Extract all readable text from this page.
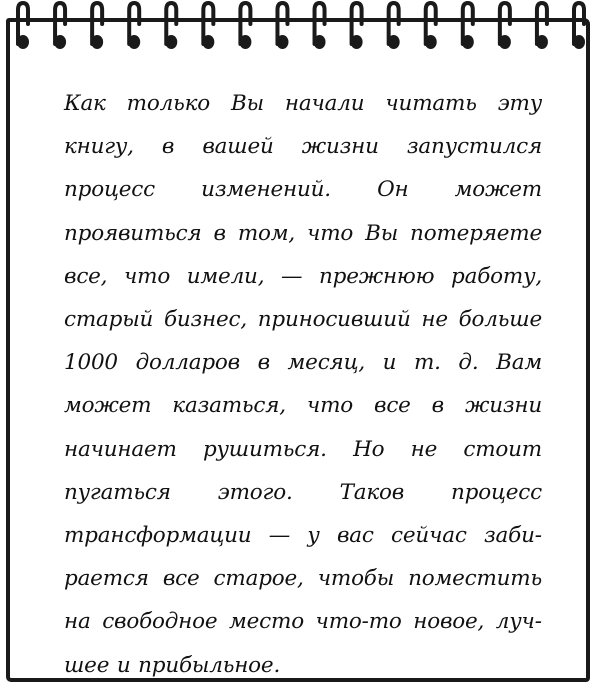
Как только Вы начали читать эту книгу, в вашей жизни запустился процесс изменений. Он может проявиться в том, что Вы потеряете все, что имели, — прежнюю работу, старый бизнес, приносивший не больше 1000 долларов в месяц, и т. д. Вам может казаться, что все в жизни начинает рушиться. Но не стоит пугаться этого. Таков процесс трансформации — у вас сейчас забирается все старое, чтобы поместить на свободное место что-то новое, лучшее и прибыльное.
